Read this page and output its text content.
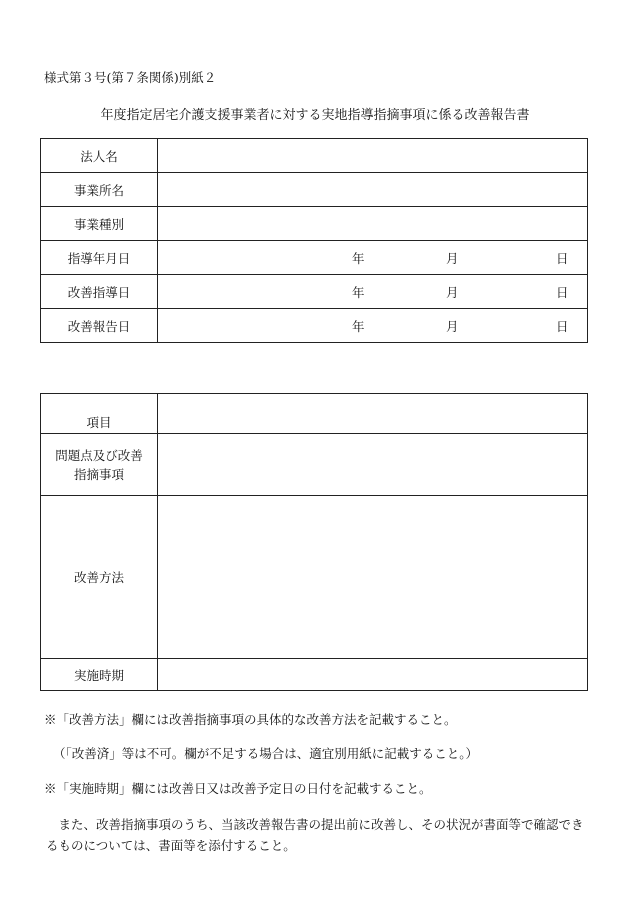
様式第３号(第７条関係)別紙２
年度指定居宅介護支援事業者に対する実地指導指摘事項に係る改善報告書
法人名	
事業所名	
事業種別	
指導年月日	年 月 日

改善指導日	年 月 日

改善報告日	年 月 日
項目	

問題点及び改善
指摘事項	

改善方法	
実施時期	
※「改善方法」欄には改善指摘事項の具体的な改善方法を記載すること。
（「改善済」等は不可。欄が不足する場合は、適宜別用紙に記載すること。）
※「実施時期」欄には改善日又は改善予定日の日付を記載すること。
　また、改善指摘事項のうち、当該改善報告書の提出前に改善し、その状況が書面等で確認できるものについては、書面等を添付すること。
